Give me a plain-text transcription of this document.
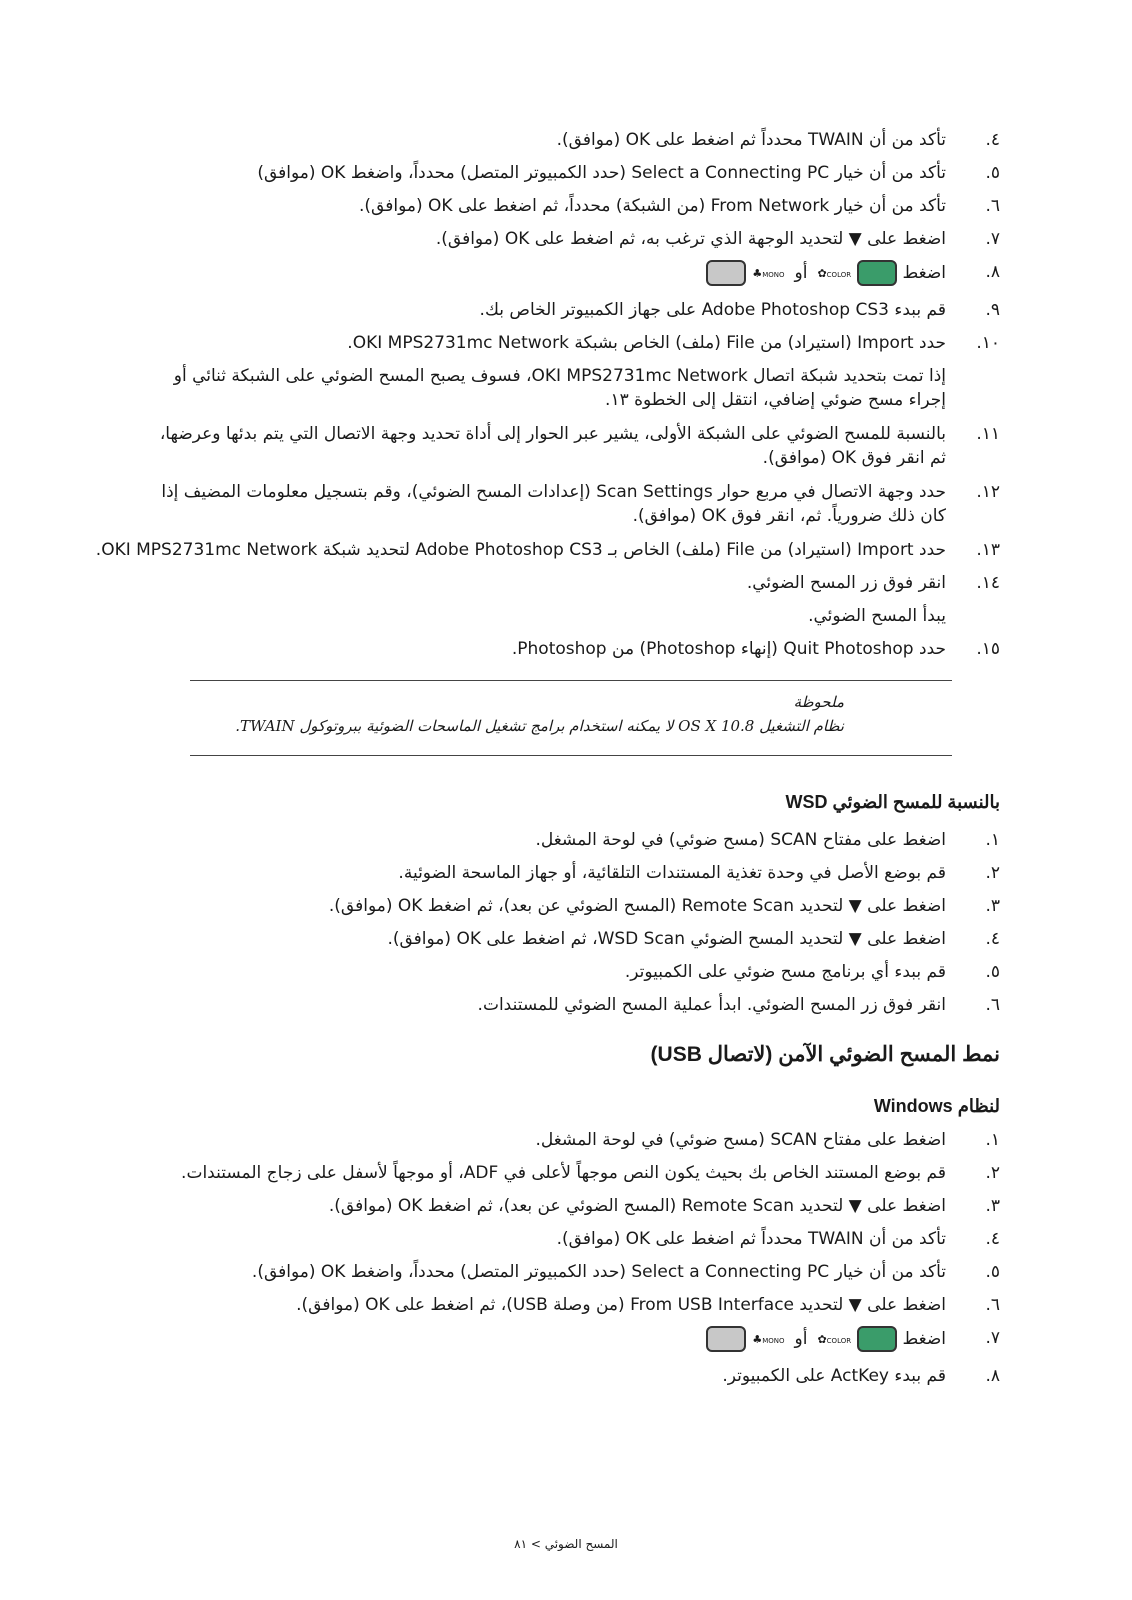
٤.
تأكد من أن TWAIN محدداً ثم اضغط على OK (موافق).
٥.
تأكد من أن خيار Select a Connecting PC (حدد الكمبيوتر المتصل) محدداً، واضغط OK (موافق)
٦.
تأكد من أن خيار From Network (من الشبكة) محدداً، ثم اضغط على OK (موافق).
٧.
اضغط على ▼ لتحديد الوجهة الذي ترغب به، ثم اضغط على OK (موافق).
٨.
اضغط
♣MONO أو ✿COLOR
٩.
قم ببدء Adobe Photoshop CS3 على جهاز الكمبيوتر الخاص بك.
١٠.
حدد Import (استيراد) من File (ملف) الخاص بشبكة OKI MPS2731mc Network.
إذا تمت بتحديد شبكة اتصال OKI MPS2731mc Network، فسوف يصبح المسح الضوئي على الشبكة ثنائي أو إجراء مسح ضوئي إضافي، انتقل إلى الخطوة ١٣.
١١.
بالنسبة للمسح الضوئي على الشبكة الأولى، يشير عبر الحوار إلى أداة تحديد وجهة الاتصال التي يتم بدئها وعرضها، ثم انقر فوق OK (موافق).
١٢.
حدد وجهة الاتصال في مربع حوار Scan Settings (إعدادات المسح الضوئي)، وقم بتسجيل معلومات المضيف إذا كان ذلك ضرورياً. ثم، انقر فوق OK (موافق).
١٣.
حدد Import (استيراد) من File (ملف) الخاص بـ Adobe Photoshop CS3 لتحديد شبكة OKI MPS2731mc Network.
١٤.
انقر فوق زر المسح الضوئي.
يبدأ المسح الضوئي.
١٥.
حدد Quit Photoshop (إنهاء Photoshop) من Photoshop.
ملحوظة
نظام التشغيل OS X 10.8 لا يمكنه استخدام برامج تشغيل الماسحات الضوئية ببروتوكول TWAIN.
بالنسبة للمسح الضوئي WSD
١.
اضغط على مفتاح SCAN (مسح ضوئي) في لوحة المشغل.
٢.
قم بوضع الأصل في وحدة تغذية المستندات التلقائية، أو جهاز الماسحة الضوئية.
٣.
اضغط على ▼ لتحديد Remote Scan (المسح الضوئي عن بعد)، ثم اضغط OK (موافق).
٤.
اضغط على ▼ لتحديد المسح الضوئي WSD Scan، ثم اضغط على OK (موافق).
٥.
قم ببدء أي برنامج مسح ضوئي على الكمبيوتر.
٦.
انقر فوق زر المسح الضوئي. ابدأ عملية المسح الضوئي للمستندات.
نمط المسح الضوئي الآمن (لاتصال USB)
لنظام Windows
١.
اضغط على مفتاح SCAN (مسح ضوئي) في لوحة المشغل.
٢.
قم بوضع المستند الخاص بك بحيث يكون النص موجهاً لأعلى في ADF، أو موجهاً لأسفل على زجاج المستندات.
٣.
اضغط على ▼ لتحديد Remote Scan (المسح الضوئي عن بعد)، ثم اضغط OK (موافق).
٤.
تأكد من أن TWAIN محدداً ثم اضغط على OK (موافق).
٥.
تأكد من أن خيار Select a Connecting PC (حدد الكمبيوتر المتصل) محدداً، واضغط OK (موافق).
٦.
اضغط على ▼ لتحديد From USB Interface (من وصلة USB)، ثم اضغط على OK (موافق).
٧.
اضغط
♣MONO أو ✿COLOR
٨.
قم ببدء ActKey على الكمبيوتر.
المسح الضوئي > ٨١
